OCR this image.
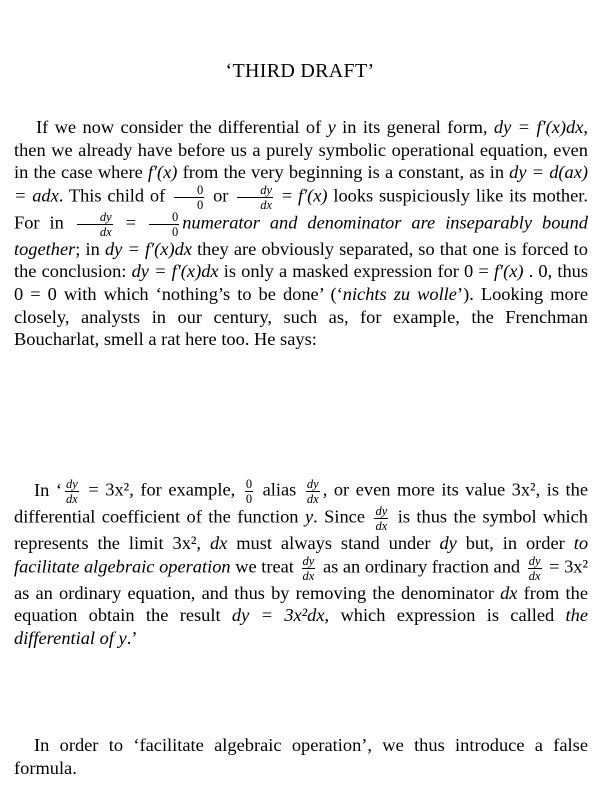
‘THIRD DRAFT’
If we now consider the differential of y in its general form, dy = f′(x)dx, then we already have before us a purely symbolic operational equation, even in the case where f′(x) from the very beginning is a constant, as in dy = d(ax) = adx. This child of $\frac{0}{0}$ or $\frac{dy}{dx} = f'(x)$ looks suspiciously like its mother. For in $\frac{dy}{dx} = \frac{0}{0}$ numerator and denominator are inseparably bound together; in dy = f′(x)dx they are obviously separated, so that one is forced to the conclusion: dy = f′(x)dx is only a masked expression for 0 = f′(x) . 0, thus 0 = 0 with which ‘nothing’s to be done’ (‘nichts zu wolle’). Looking more closely, analysts in our century, such as, for example, the Frenchman Boucharlat, smell a rat here too. He says:
In ‘ $\frac{dy}{dx} = 3x^2$, for example, $\frac{0}{0}$ alias $\frac{dy}{dx}$ , or even more its value 3x², is the differential coefficient of the function y. Since $\frac{dy}{dx}$ is thus the symbol which represents the limit 3x², dx must always stand under dy but, in order to facilitate algebraic operation we treat $\frac{dy}{dx}$ as an ordinary fraction and $\frac{dy}{dx} = 3x^2$ as an ordinary equation, and thus by removing the denominator dx from the equation obtain the result dy = 3x²dx, which expression is called the differential of y.’
In order to ‘facilitate algebraic operation’, we thus introduce a false formula.
